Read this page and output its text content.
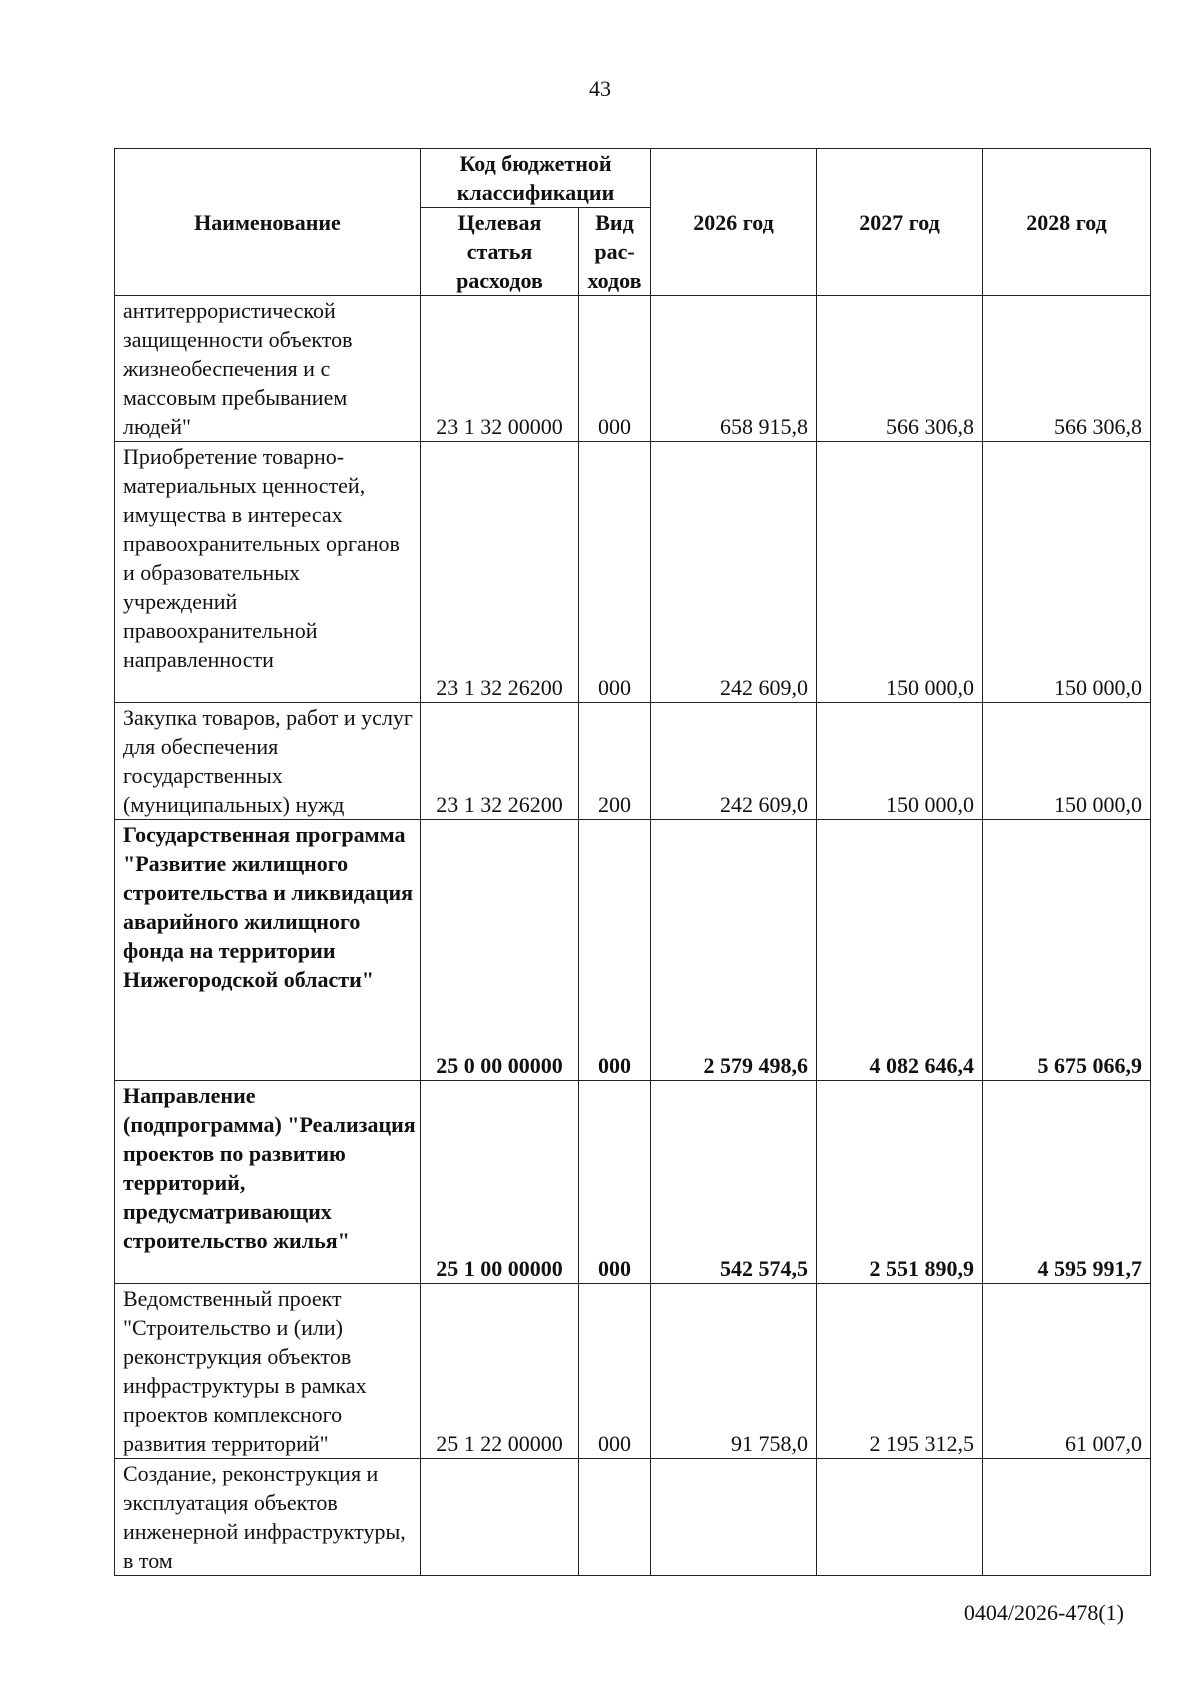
43
Наименование	Код бюджетной классификации		2026 год	2027 год	2028 год
	Целевая статья расходов	Вид рас-ходов			
антитеррористической защищенности объектов жизнеобеспечения и с массовым пребыванием людей"	23 1 32 00000	000	658 915,8	566 306,8	566 306,8
Приобретение товарно-материальных ценностей, имущества в интересах правоохранительных органов и образовательных учреждений правоохранительной направленности	23 1 32 26200	000	242 609,0	150 000,0	150 000,0
Закупка товаров, работ и услуг для обеспечения государственных (муниципальных) нужд	23 1 32 26200	200	242 609,0	150 000,0	150 000,0
Государственная программа "Развитие жилищного строительства и ликвидация аварийного жилищного фонда на территории Нижегородской области"	25 0 00 00000	000	2 579 498,6	4 082 646,4	5 675 066,9
Направление (подпрограмма) "Реализация проектов по развитию территорий, предусматривающих строительство жилья"	25 1 00 00000	000	542 574,5	2 551 890,9	4 595 991,7
Ведомственный проект "Строительство и (или) реконструкция объектов инфраструктуры в рамках проектов комплексного развития территорий"	25 1 22 00000	000	91 758,0	2 195 312,5	61 007,0
Создание, реконструкция и эксплуатация объектов инженерной инфраструктуры, в том					
0404/2026-478(1)
